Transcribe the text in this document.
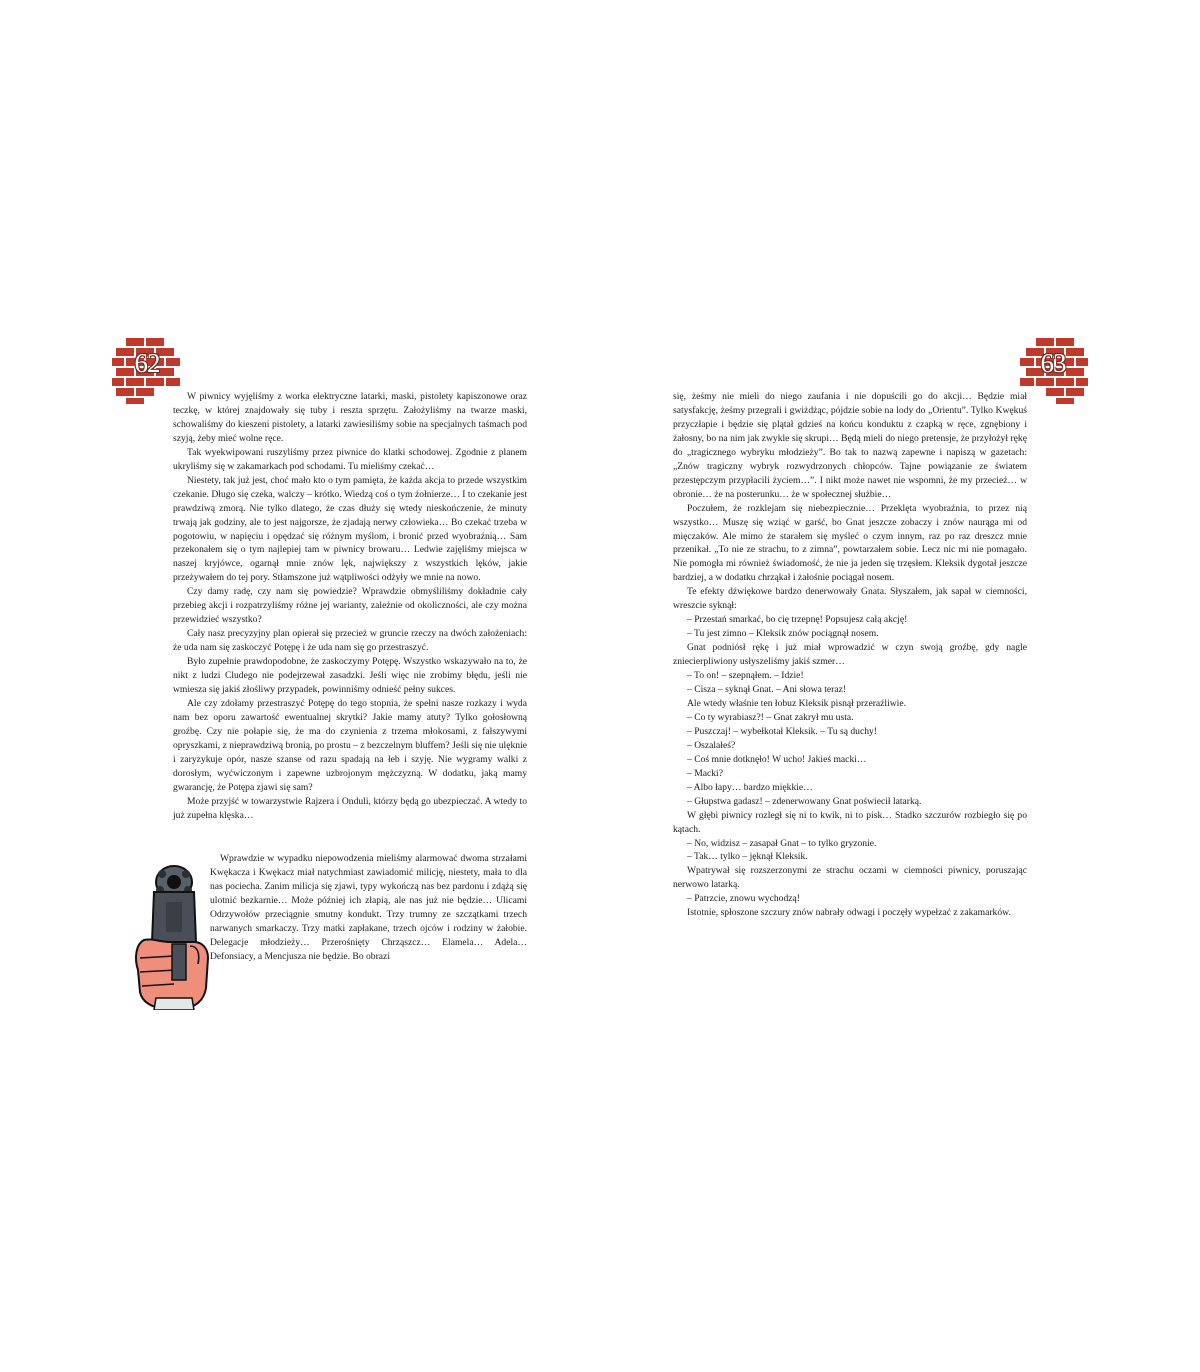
62	63

W piwnicy wyjęliśmy z worka elektryczne latarki, maski, pistolety kapiszonowe oraz teczkę, w której znajdowały się tuby i reszta sprzętu. Założyliśmy na twarze maski, schowaliśmy do kieszeni pistolety, a latarki zawiesiliśmy sobie na specjalnych taśmach pod szyją, żeby mieć wolne ręce.

Tak wyekwipowani ruszyliśmy przez piwnice do klatki schodowej. Zgodnie z planem ukryliśmy się w zakamarkach pod schodami. Tu mieliśmy czekać…

Niestety, tak już jest, choć mało kto o tym pamięta, że każda akcja to przede wszystkim czekanie. Długo się czeka, walczy – krótko. Wiedzą coś o tym żołnierze… I to czekanie jest prawdziwą zmorą. Nie tylko dlatego, że czas dłuży się wtedy nieskończenie, że minuty trwają jak godziny, ale to jest najgorsze, że zjadają nerwy człowieka… Bo czekać trzeba w pogotowiu, w napięciu i opędzać się różnym myślom, i bronić przed wyobraźnią… Sam przekonałem się o tym najlepiej tam w piwnicy browaru… Ledwie zajęliśmy miejsca w naszej kryjówce, ogarnął mnie znów lęk, największy z wszystkich lęków, jakie przeżywałem do tej pory. Stłamszone już wątpliwości odżyły we mnie na nowo.

Czy damy radę, czy nam się powiedzie? Wprawdzie obmyśliliśmy dokładnie cały przebieg akcji i rozpatrzyliśmy różne jej warianty, zależnie od okoliczności, ale czy można przewidzieć wszystko?

Cały nasz precyzyjny plan opierał się przecież w gruncie rzeczy na dwóch założeniach: że uda nam się zaskoczyć Potępę i że uda nam się go przestraszyć.

Było zupełnie prawdopodobne, że zaskoczymy Potępę. Wszystko wskazywało na to, że nikt z ludzi Cludego nie podejrzewał zasadzki. Jeśli więc nie zrobimy błędu, jeśli nie wmiesza się jakiś złośliwy przypadek, powinniśmy odnieść pełny sukces.

Ale czy zdołamy przestraszyć Potępę do tego stopnia, że spełni nasze rozkazy i wyda nam bez oporu zawartość ewentualnej skrytki? Jakie mamy atuty? Tylko gołosłowną groźbę. Czy nie połapie się, że ma do czynienia z trzema młokosami, z fałszywymi opryszkami, z nieprawdziwą bronią, po prostu – z bezczelnym bluffem? Jeśli się nie ulęknie i zaryzykuje opór, nasze szanse od razu spadają na łeb i szyję. Nie wygramy walki z dorosłym, wyćwiczonym i zapewne uzbrojonym mężczyzną. W dodatku, jaką mamy gwarancję, że Potępa zjawi się sam?

Może przyjść w towarzystwie Rajzera i Onduli, którzy będą go ubezpieczać. A wtedy to już zupełna klęska…

Wprawdzie w wypadku niepowodzenia mieliśmy alarmować dwoma strzałami Kwękacza i Kwękacz miał natychmiast zawiadomić milicję, niestety, mała to dla nas pociecha. Zanim milicja się zjawi, typy wykończą nas bez pardonu i zdążą się ulotnić bezkarnie… Może później ich złapią, ale nas już nie będzie… Ulicami Odrzywołów przeciągnie smutny kondukt. Trzy trumny ze szczątkami trzech narwanych smarkaczy. Trzy matki zapłakane, trzech ojców i rodziny w żałobie. Delegacje młodzieży… Przerośnięty Chrząszcz… Elamela… Adela… Defonsiacy, a Mencjusza nie będzie. Bo obrazi

się, żeśmy nie mieli do niego zaufania i nie dopuścili go do akcji… Będzie miał satysfakcję, żeśmy przegrali i gwiżdżąc, pójdzie sobie na lody do „Orientu”. Tylko Kwękuś przyczłapie i będzie się plątał gdzieś na końcu konduktu z czapką w ręce, zgnębiony i żałosny, bo na nim jak zwykle się skrupi… Będą mieli do niego pretensje, że przyłożył rękę do „tragicznego wybryku młodzieży”. Bo tak to nazwą zapewne i napiszą w gazetach: „Znów tragiczny wybryk rozwydrzonych chłopców. Tajne powiązanie ze światem przestępczym przypłacili życiem…”. I nikt może nawet nie wspomni, że my przecież… w obronie… że na posterunku… że w społecznej służbie…

Poczułem, że rozklejam się niebezpiecznie… Przeklęta wyobraźnia, to przez nią wszystko… Muszę się wziąć w garść, bo Gnat jeszcze zobaczy i znów naurąga mi od mięczaków. Ale mimo że starałem się myśleć o czym innym, raz po raz dreszcz mnie przenikał. „To nie ze strachu, to z zimna”, powtarzałem sobie. Lecz nic mi nie pomagało. Nie pomogła mi również świadomość, że nie ja jeden się trzęsłem. Kleksik dygotał jeszcze bardziej, a w dodatku chrząkał i żałośnie pociągał nosem.

Te efekty dźwiękowe bardzo denerwowały Gnata. Słyszałem, jak sapał w ciemności, wreszcie syknął:

– Przestań smarkać, bo cię trzepnę! Popsujesz całą akcję!

– Tu jest zimno – Kleksik znów pociągnął nosem.

Gnat podniósł rękę i już miał wprowadzić w czyn swoją groźbę, gdy nagle zniecierpliwiony usłyszeliśmy jakiś szmer…

– To on! – szepnąłem. – Idzie!

– Cisza – syknął Gnat. – Ani słowa teraz!

Ale wtedy właśnie ten łobuz Kleksik pisnął przeraźliwie.

– Co ty wyrabiasz?! – Gnat zakrył mu usta.

– Puszczaj! – wybełkotał Kleksik. – Tu są duchy!

– Oszalałeś?

– Coś mnie dotknęło! W ucho! Jakieś macki…

– Macki?

– Albo łapy… bardzo miękkie…

– Głupstwa gadasz! – zdenerwowany Gnat poświecił latarką.

W głębi piwnicy rozległ się ni to kwik, ni to pisk… Stadko szczurów rozbiegło się po kątach.

– No, widzisz – zasapał Gnat – to tylko gryzonie.

– Tak… tylko – jęknął Kleksik.

Wpatrywał się rozszerzonymi ze strachu oczami w ciemności piwnicy, poruszając nerwowo latarką.

– Patrzcie, znowu wychodzą!

Istotnie, spłoszone szczury znów nabrały odwagi i poczęły wypełzać z zakamarków.
